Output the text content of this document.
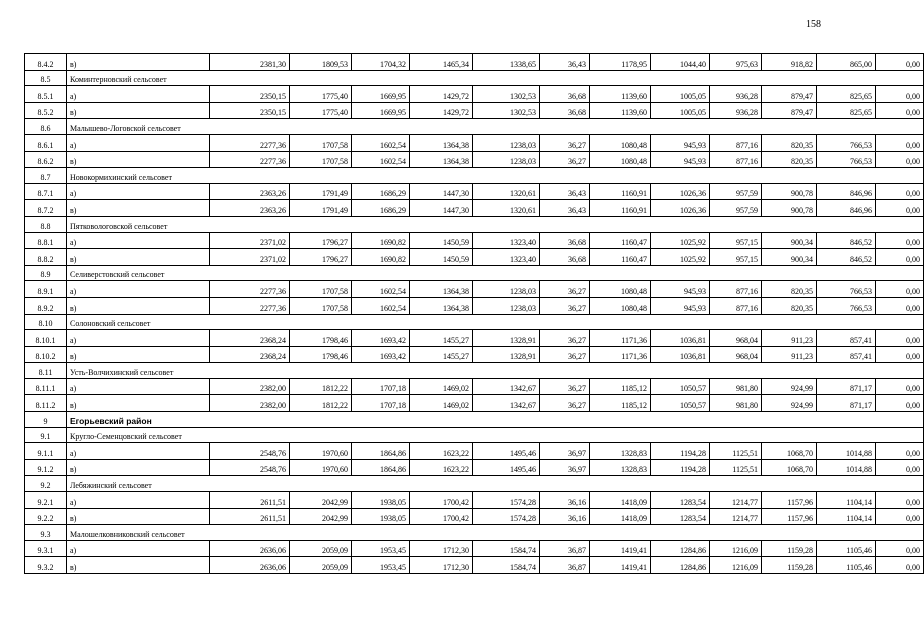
158
8.4.2	в)	2381,30	1809,53	1704,32	1465,34	1338,65	36,43	1178,95	1044,40	975,63	918,82	865,00	0,00
8.5	Коминтерновский сельсовет												
8.5.1	а)	2350,15	1775,40	1669,95	1429,72	1302,53	36,68	1139,60	1005,05	936,28	879,47	825,65	0,00
8.5.2	в)	2350,15	1775,40	1669,95	1429,72	1302,53	36,68	1139,60	1005,05	936,28	879,47	825,65	0,00
8.6	Малышево-Логовской сельсовет												
8.6.1	а)	2277,36	1707,58	1602,54	1364,38	1238,03	36,27	1080,48	945,93	877,16	820,35	766,53	0,00
8.6.2	в)	2277,36	1707,58	1602,54	1364,38	1238,03	36,27	1080,48	945,93	877,16	820,35	766,53	0,00
8.7	Новокормихинский сельсовет												
8.7.1	а)	2363,26	1791,49	1686,29	1447,30	1320,61	36,43	1160,91	1026,36	957,59	900,78	846,96	0,00
8.7.2	в)	2363,26	1791,49	1686,29	1447,30	1320,61	36,43	1160,91	1026,36	957,59	900,78	846,96	0,00
8.8	Пятковологовской сельсовет												
8.8.1	а)	2371,02	1796,27	1690,82	1450,59	1323,40	36,68	1160,47	1025,92	957,15	900,34	846,52	0,00
8.8.2	в)	2371,02	1796,27	1690,82	1450,59	1323,40	36,68	1160,47	1025,92	957,15	900,34	846,52	0,00
8.9	Селиверстовский сельсовет												
8.9.1	а)	2277,36	1707,58	1602,54	1364,38	1238,03	36,27	1080,48	945,93	877,16	820,35	766,53	0,00
8.9.2	в)	2277,36	1707,58	1602,54	1364,38	1238,03	36,27	1080,48	945,93	877,16	820,35	766,53	0,00
8.10	Солоновский сельсовет												
8.10.1	а)	2368,24	1798,46	1693,42	1455,27	1328,91	36,27	1171,36	1036,81	968,04	911,23	857,41	0,00
8.10.2	в)	2368,24	1798,46	1693,42	1455,27	1328,91	36,27	1171,36	1036,81	968,04	911,23	857,41	0,00
8.11	Усть-Волчихинский сельсовет												
8.11.1	а)	2382,00	1812,22	1707,18	1469,02	1342,67	36,27	1185,12	1050,57	981,80	924,99	871,17	0,00
8.11.2	в)	2382,00	1812,22	1707,18	1469,02	1342,67	36,27	1185,12	1050,57	981,80	924,99	871,17	0,00
9	Егорьевский район												
9.1	Кругло-Семенцовский сельсовет												
9.1.1	а)	2548,76	1970,60	1864,86	1623,22	1495,46	36,97	1328,83	1194,28	1125,51	1068,70	1014,88	0,00
9.1.2	в)	2548,76	1970,60	1864,86	1623,22	1495,46	36,97	1328,83	1194,28	1125,51	1068,70	1014,88	0,00
9.2	Лебяжинский сельсовет												
9.2.1	а)	2611,51	2042,99	1938,05	1700,42	1574,28	36,16	1418,09	1283,54	1214,77	1157,96	1104,14	0,00
9.2.2	в)	2611,51	2042,99	1938,05	1700,42	1574,28	36,16	1418,09	1283,54	1214,77	1157,96	1104,14	0,00
9.3	Малошелковниковский сельсовет												
9.3.1	а)	2636,06	2059,09	1953,45	1712,30	1584,74	36,87	1419,41	1284,86	1216,09	1159,28	1105,46	0,00
9.3.2	в)	2636,06	2059,09	1953,45	1712,30	1584,74	36,87	1419,41	1284,86	1216,09	1159,28	1105,46	0,00
